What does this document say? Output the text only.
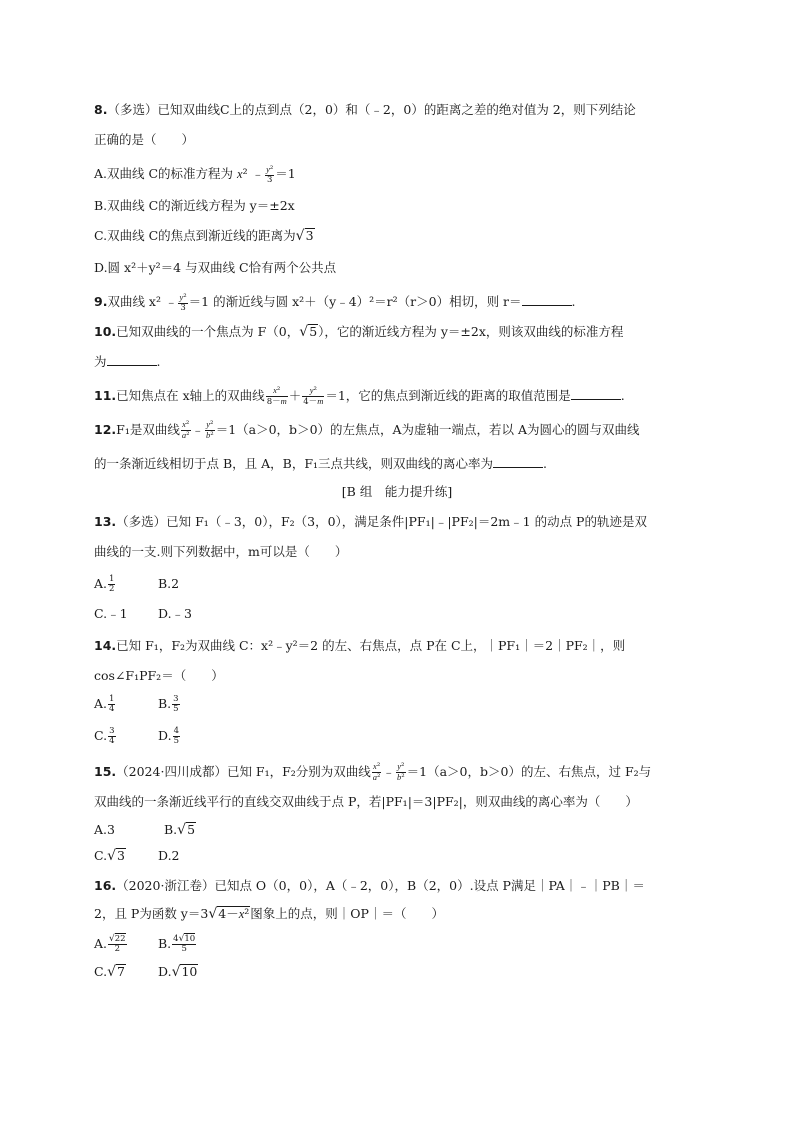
8.（多选）已知双曲线C上的点到点（2，0）和（﹣2，0）的距离之差的绝对值为 2，则下列结论
正确的是（　　）
A.双曲线 C的标准方程为 x² ﹣ $\frac{\text{y²}}{3} =1$
B.双曲线 C的渐近线方程为 y＝±2x
C.双曲线 C的焦点到渐近线的距离为√3
D.圆 x²＋y²＝4 与双曲线 C恰有两个公共点
9.双曲线 x² ﹣ $\frac{\text{y²}}{3} =1$ 的渐近线与圆 x²＋（y﹣4）²＝r²（r＞0）相切，则 r＝	.
10.已知双曲线的一个焦点为 F（0，√5），它的渐近线方程为 y＝±2x，则该双曲线的标准方程
为	.
11.已知焦点在 x轴上的双曲线 $\frac{\text{x²}}{8-m} + \frac{\text{y²}}{4-m} =1$，它的焦点到渐近线的距离的取值范围是	.
12.F₁是双曲线 $\frac{\text{x²}}{\text{a²}}$ ﹣ $\frac{\text{y²}}{\text{b²}} =1(a>0$，b＞0）的左焦点，A为虚轴一端点，若以 A为圆心的圆与双曲线
的一条渐近线相切于点 B，且 A，B，F₁三点共线，则双曲线的离心率为	.
[B 组　能力提升练]
13.（多选）已知 F₁（﹣3，0），F₂（3，0），满足条件|PF₁|﹣|PF₂|＝2m﹣1 的动点 P的轨迹是双
曲线的一支.则下列数据中，m可以是（　　）
A. $\frac{1}{2}$	B.2
C.﹣1 D.﹣3
14.已知 F₁，F₂为双曲线 C：x²﹣y²＝2 的左、右焦点，点 P在 C上，｜PF₁｜＝2｜PF₂｜，则
cos∠F₁PF₂＝（　　）
A. $\frac{1}{4}$	B. $\frac{3}{5}$
C. $\frac{3}{4}$	D. $\frac{4}{5}$
15.（2024·四川成都）已知 F₁，F₂分别为双曲线 $\frac{\text{x²}}{\text{a²}}$ ﹣ $\frac{\text{y²}}{\text{b²}} =1(a>0$，b＞0）的左、右焦点，过 F₂与
双曲线的一条渐近线平行的直线交双曲线于点 P，若|PF₁|＝3|PF₂|，则双曲线的离心率为（　　）
A.3	B.√5
C.√3	D.2
16.（2020·浙江卷）已知点 O（0，0），A（﹣2，0），B（2，0）.设点 P满足｜PA｜﹣｜PB｜＝
2，且 P为函数 y＝3√4－x²图象上的点，则｜OP｜＝（　　）
A. $\frac{√22}{2}$	B. $\frac{4√10}{5}$
C.√7	D.√10
